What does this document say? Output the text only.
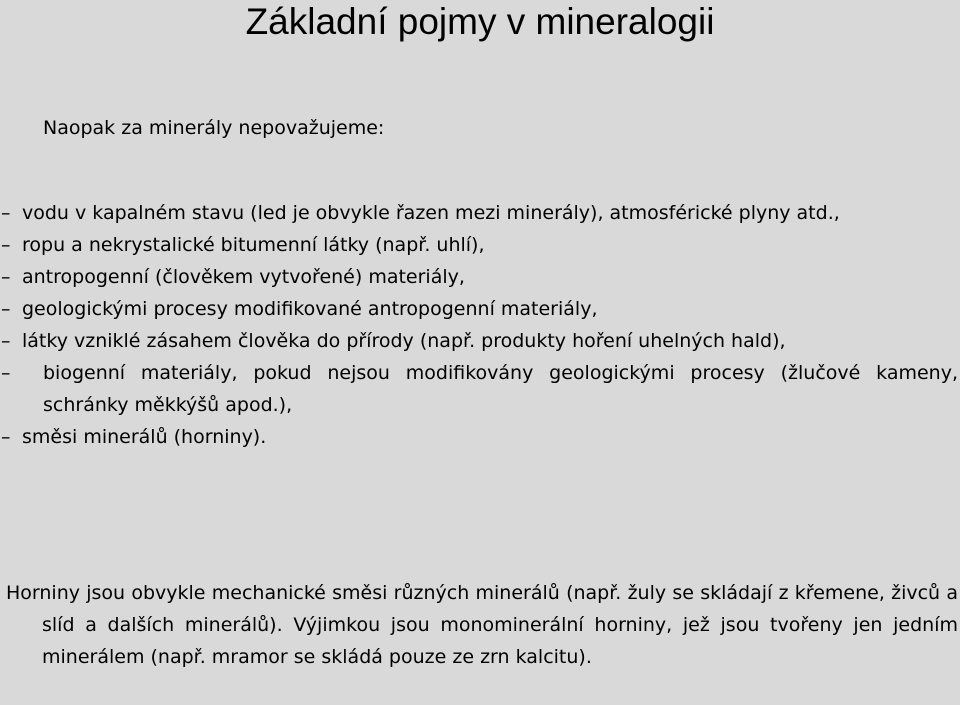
Základní pojmy v mineralogii

Naopak za minerály nepovažujeme:

– vodu v kapalném stavu (led je obvykle řazen mezi minerály), atmosférické plyny atd.,
– ropu a nekrystalické bitumenní látky (např. uhlí),
– antropogenní (člověkem vytvořené) materiály,
– geologickými procesy modifikované antropogenní materiály,
– látky vzniklé zásahem člověka do přírody (např. produkty hoření uhelných hald),
– biogenní materiály, pokud nejsou modifikovány geologickými procesy (žlučové kameny, schránky měkkýšů apod.),
– směsi minerálů (horniny).

Horniny jsou obvykle mechanické směsi různých minerálů (např. žuly se skládají z křemene, živců a slíd a dalších minerálů). Výjimkou jsou monominerální horniny, jež jsou tvořeny jen jedním minerálem (např. mramor se skládá pouze ze zrn kalcitu).
